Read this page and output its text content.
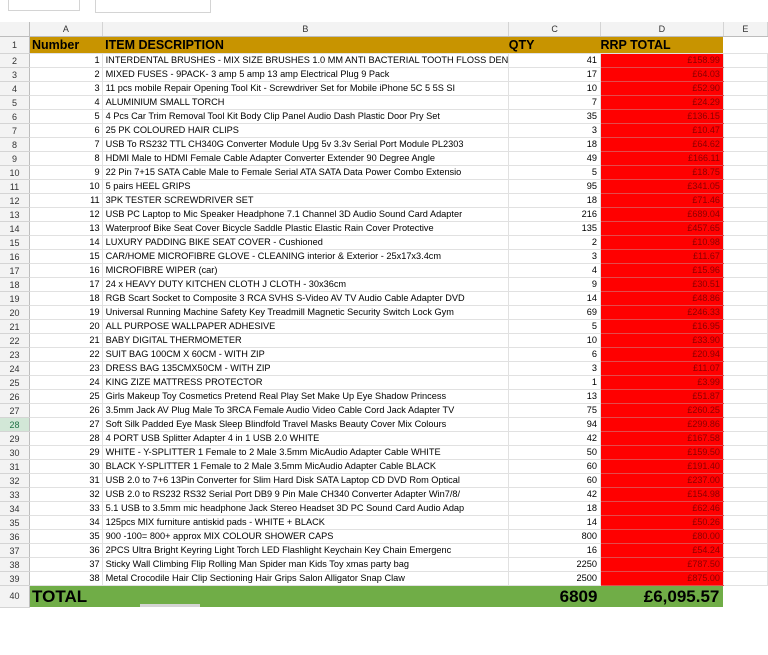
	A	B	C	D	E
1	Number	ITEM DESCRIPTION	QTY	RRP TOTAL	
2	1	INTERDENTAL BRUSHES - MIX SIZE BRUSHES 1.0 MM ANTI BACTERIAL TOOTH FLOSS DEN	41	£158.99	
3	2	MIXED FUSES - 9PACK- 3 amp 5 amp 13 amp Electrical Plug 9 Pack	17	£64.03	
4	3	11 pcs mobile Repair Opening Tool Kit - Screwdriver Set for Mobile iPhone 5C 5 5S SI	10	£52.90	
5	4	ALUMINIUM SMALL TORCH	7	£24.29	
6	5	4 Pcs Car Trim Removal Tool Kit Body Clip Panel Audio Dash Plastic Door Pry Set	35	£136.15	
7	6	25 PK COLOURED HAIR CLIPS	3	£10.47	
8	7	USB To RS232 TTL CH340G Converter Module Upg 5v 3.3v Serial Port Module PL2303	18	£64.62	
9	8	HDMI Male to HDMI Female Cable Adapter Converter Extender 90 Degree Angle	49	£166.11	
10	9	22 Pin 7+15 SATA Cable Male to Female Serial ATA SATA Data Power Combo Extensio	5	£18.75	
11	10	5 pairs HEEL GRIPS	95	£341.05	
12	11	3PK TESTER SCREWDRIVER SET	18	£71.46	
13	12	USB PC Laptop to Mic Speaker Headphone 7.1 Channel 3D Audio Sound Card Adapter	216	£689.04	
14	13	Waterproof Bike Seat Cover Bicycle Saddle Plastic Elastic Rain Cover Protective	135	£457.65	
15	14	LUXURY PADDING BIKE SEAT COVER - Cushioned	2	£10.98	
16	15	CAR/HOME MICROFIBRE GLOVE - CLEANING interior & Exterior - 25x17x3.4cm	3	£11.67	
17	16	MICROFIBRE WIPER (car)	4	£15.96	
18	17	24 x HEAVY DUTY KITCHEN CLOTH J CLOTH - 30x36cm	9	£30.51	
19	18	RGB Scart Socket to Composite 3 RCA SVHS S-Video AV TV Audio Cable Adapter DVD	14	£48.86	
20	19	Universal Running Machine Safety Key Treadmill Magnetic Security Switch Lock Gym	69	£246.33	
21	20	ALL PURPOSE WALLPAPER ADHESIVE	5	£16.95	
22	21	BABY DIGITAL THERMOMETER	10	£33.90	
23	22	SUIT BAG 100CM X 60CM - WITH ZIP	6	£20.94	
24	23	DRESS BAG 135CMX50CM - WITH ZIP	3	£11.07	
25	24	KING ZIZE MATTRESS PROTECTOR	1	£3.99	
26	25	Girls Makeup Toy Cosmetics Pretend Real Play Set Make Up Eye Shadow Princess	13	£51.87	
27	26	3.5mm Jack AV Plug Male To 3RCA Female Audio Video Cable Cord Jack Adapter TV	75	£260.25	
28	27	Soft Silk Padded Eye Mask Sleep Blindfold Travel Masks Beauty Cover Mix Colours	94	£299.86	
29	28	4 PORT USB Splitter Adapter 4 in 1 USB 2.0 WHITE	42	£167.58	
30	29	WHITE - Y-SPLITTER 1 Female to 2 Male 3.5mm MicAudio Adapter Cable WHITE	50	£159.50	
31	30	BLACK Y-SPLITTER 1 Female to 2 Male 3.5mm MicAudio Adapter Cable BLACK	60	£191.40	
32	31	USB 2.0 to 7+6 13Pin Converter for Slim Hard Disk SATA Laptop CD DVD Rom Optical	60	£237.00	
33	32	USB 2.0 to RS232 RS32 Serial Port DB9 9 Pin Male CH340 Converter Adapter Win7/8/	42	£154.98	
34	33	5.1 USB to 3.5mm mic headphone Jack Stereo Headset 3D PC Sound Card Audio Adap	18	£62.46	
35	34	125pcs MIX furniture antiskid pads - WHITE + BLACK	14	£50.26	
36	35	900 -100= 800+ approx MIX COLOUR SHOWER CAPS	800	£80.00	
37	36	2PCS Ultra Bright Keyring Light Torch LED Flashlight Keychain Key Chain Emergenc	16	£54.24	
38	37	Sticky Wall Climbing Flip Rolling Man Spider man Kids Toy xmas party bag	2250	£787.50	
39	38	Metal Crocodile Hair Clip Sectioning Hair Grips Salon Alligator Snap Claw	2500	£875.00	
40	TOTAL		6809	£6,095.57	
